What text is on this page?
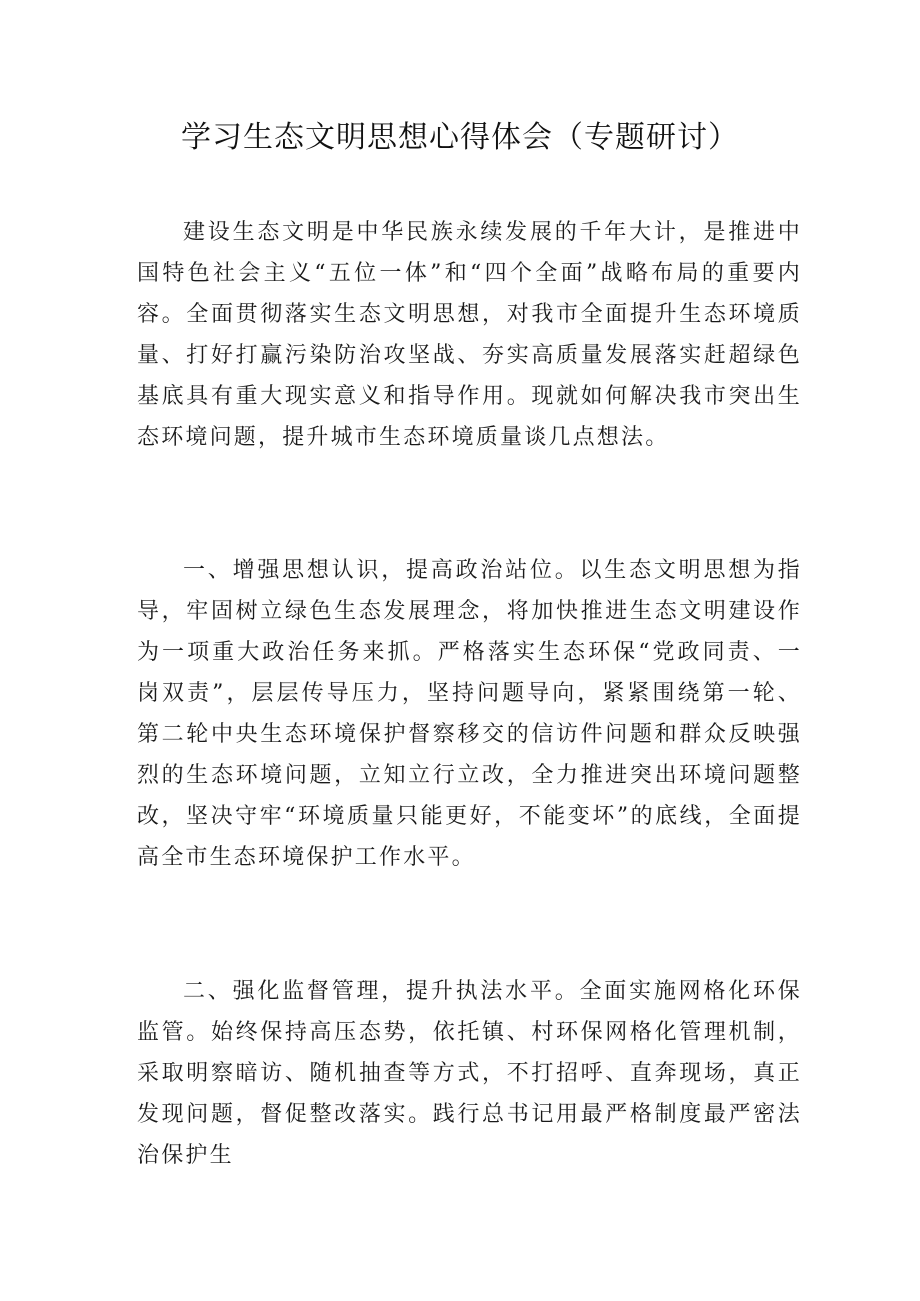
学习生态文明思想心得体会（专题研讨）

建设生态文明是中华民族永续发展的千年大计，是推进中国特色社会主义“五位一体”和“四个全面”战略布局的重要内容。全面贯彻落实生态文明思想，对我市全面提升生态环境质量、打好打赢污染防治攻坚战、夯实高质量发展落实赶超绿色基底具有重大现实意义和指导作用。现就如何解决我市突出生态环境问题，提升城市生态环境质量谈几点想法。

一、增强思想认识，提高政治站位。以生态文明思想为指导，牢固树立绿色生态发展理念，将加快推进生态文明建设作为一项重大政治任务来抓。严格落实生态环保“党政同责、一岗双责”，层层传导压力，坚持问题导向，紧紧围绕第一轮、第二轮中央生态环境保护督察移交的信访件问题和群众反映强烈的生态环境问题，立知立行立改，全力推进突出环境问题整改，坚决守牢“环境质量只能更好，不能变坏”的底线，全面提高全市生态环境保护工作水平。

二、强化监督管理，提升执法水平。全面实施网格化环保监管。始终保持高压态势，依托镇、村环保网格化管理机制，采取明察暗访、随机抽查等方式，不打招呼、直奔现场，真正发现问题，督促整改落实。践行总书记用最严格制度最严密法治保护生
